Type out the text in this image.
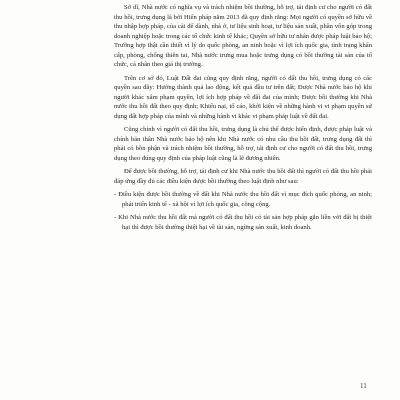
Sở dĩ, Nhà nước có nghĩa vụ và trách nhiệm bồi thường, hỗ trợ, tái định cư cho người có đất thu hồi, trưng dụng là bởi Hiến pháp năm 2013 đã quy định rằng: Mọi người có quyền sở hữu về thu nhập hợp pháp, của cải để dành, nhà ở, tư liệu sinh hoạt, tư liệu sản xuất, phần vốn góp trong doanh nghiệp hoặc trong các tổ chức kinh tế khác; Quyền sở hữu tư nhân được pháp luật bảo hộ; Trường hợp thật cần thiết vì lý do quốc phòng, an ninh hoặc vì lợi ích quốc gia, tình trạng khẩn cấp, phòng, chống thiên tai, Nhà nước trưng mua hoặc trưng dụng có bồi thường tài sản của tổ chức, cá nhân theo giá thị trường.

Trên cơ sở đó, Luật Đất đai cũng quy định rằng, người có đất thu hồi, trưng dụng có các quyền sau đây: Hưởng thành quả lao động, kết quả đầu tư trên đất; Được Nhà nước bảo hộ khi người khác xâm phạm quyền, lợi ích hợp pháp về đất đai của mình; Được bồi thường khi Nhà nước thu hồi đất theo quy định; Khiếu nại, tố cáo, khởi kiện về những hành vi vi phạm quyền sử dụng đất hợp pháp của mình và những hành vi khác vi phạm pháp luật về đất đai.

Cũng chính vì người có đất thu hồi, trưng dụng là chủ thể được hiến định, được pháp luật và chính bản thân Nhà nước bảo hộ nên khi Nhà nước có nhu cầu thu hồi đất, trưng dụng đất thì phải có bồn phận và trách nhiệm bồi thường, hỗ trợ, tái định cư cho người có đất thu hồi, trưng dụng theo đúng quy định của pháp luật cũng là lẽ đương nhiên.

Để được bồi thường, hỗ trợ, tái định cư khi Nhà nước thu hồi đất thì người có đất thu hồi phải đáp ứng đầy đủ các điều kiện được bồi thường theo luật định như sau:

- Điều kiện được bồi thường về đất khi Nhà nước thu hồi đất vì mục đích quốc phòng, an ninh; phát triển kinh tế - xã hội vì lợi ích quốc gia, công cộng.

- Khi Nhà nước thu hồi đất mà người có đất thu hồi có tài sản hợp pháp gắn liền với đất bị thiệt hại thì được bồi thường thiệt hại về tài sản, ngừng sản xuất, kinh doanh.

11
